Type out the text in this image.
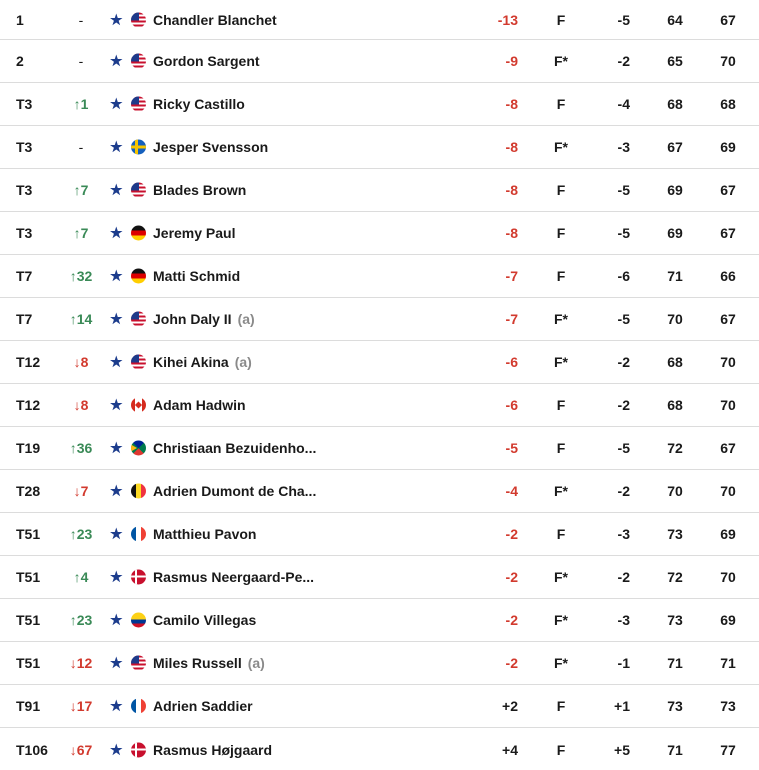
1	-	★ Chandler Blanchet	-13	F	-5	64	67
2	-	★ Gordon Sargent	-9	F*	-2	65	70
T3	↑1	★ Ricky Castillo	-8	F	-4	68	68
T3	-	★ Jesper Svensson	-8	F*	-3	67	69
T3	↑7	★ Blades Brown	-8	F	-5	69	67
T3	↑7	★ Jeremy Paul	-8	F	-5	69	67
T7	↑32	★ Matti Schmid	-7	F	-6	71	66
T7	↑14	★ John Daly II (a)	-7	F*	-5	70	67
T12	↓8	★ Kihei Akina (a)	-6	F*	-2	68	70
T12	↓8	★ Adam Hadwin	-6	F	-2	68	70
T19	↑36	★ Christiaan Bezuidenho...	-5	F	-5	72	67
T28	↓7	★ Adrien Dumont de Cha...	-4	F*	-2	70	70
T51	↑23	★ Matthieu Pavon	-2	F	-3	73	69
T51	↑4	★ Rasmus Neergaard-Pe...	-2	F*	-2	72	70
T51	↑23	★ Camilo Villegas	-2	F*	-3	73	69
T51	↓12	★ Miles Russell (a)	-2	F*	-1	71	71
T91	↓17	★ Adrien Saddier	+2	F	+1	73	73
T106	↓67	★ Rasmus Højgaard	+4	F	+5	71	77
